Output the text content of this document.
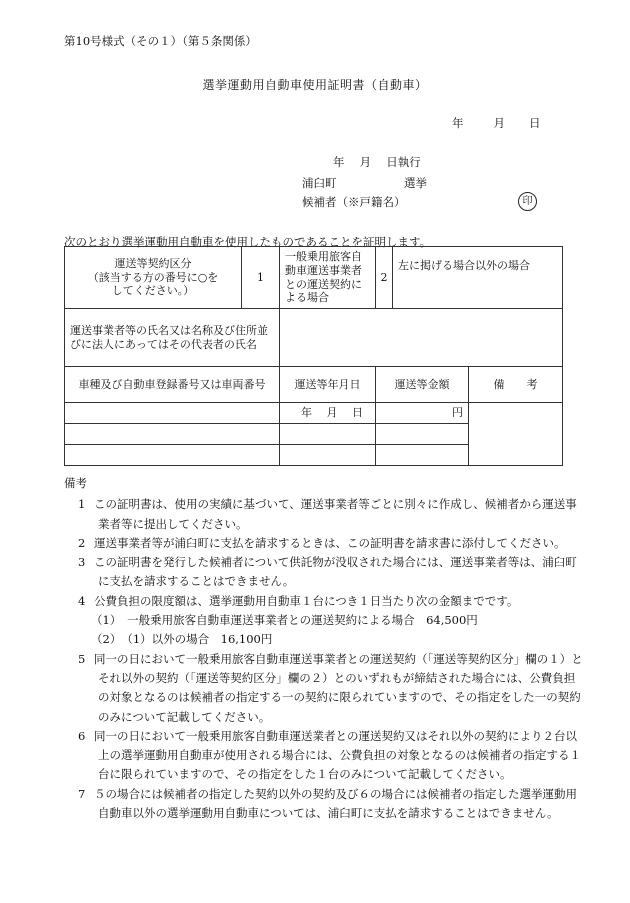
第10号様式（その１）（第５条関係）
選挙運動用自動車使用証明書（自動車）
年	月 日
年　 月　 日執行
浦臼町	選挙
候補者（※戸籍名）	印
次のとおり選挙運動用自動車を使用したものであることを証明します。
運送等契約区分
（該当する方の番号に○を
してください。）	1	一般乗用旅客自動車運送事業者との運送契約による場合	2	左に掲げる場合以外の場合	
運送事業者等の氏名又は名称及び住所並びに法人にあってはその代表者の氏名					
車種及び自動車登録番号又は車両番号		運送等年月日	運送等金額		備　　考
		年　 月　 日	円		

備考
1 この証明書は、使用の実績に基づいて、運送事業者等ごとに別々に作成し、候補者から運送事業者等に提出してください。
2 運送事業者等が浦臼町に支払を請求するときは、この証明書を請求書に添付してください。
3 この証明書を発行した候補者について供託物が没収された場合には、運送事業者等は、浦臼町に支払を請求することはできません。
4 公費負担の限度額は、選挙運動用自動車１台につき１日当たり次の金額までです。
（1）　一般乗用旅客自動車運送事業者との運送契約による場合　64,500円
（2）　（1）以外の場合　16,100円
5 同一の日において一般乗用旅客自動車運送事業者との運送契約（「運送等契約区分」欄の１）とそれ以外の契約（「運送等契約区分」欄の２）とのいずれもが締結された場合には、公費負担の対象となるのは候補者の指定する一の契約に限られていますので、その指定をした一の契約のみについて記載してください。
6 同一の日において一般乗用旅客自動車運送業者との運送契約又はそれ以外の契約により２台以上の選挙運動用自動車が使用される場合には、公費負担の対象となるのは候補者の指定する１台に限られていますので、その指定をした１台のみについて記載してください。
7 ５の場合には候補者の指定した契約以外の契約及び６の場合には候補者の指定した選挙運動用自動車以外の選挙運動用自動車については、浦臼町に支払を請求することはできません。
